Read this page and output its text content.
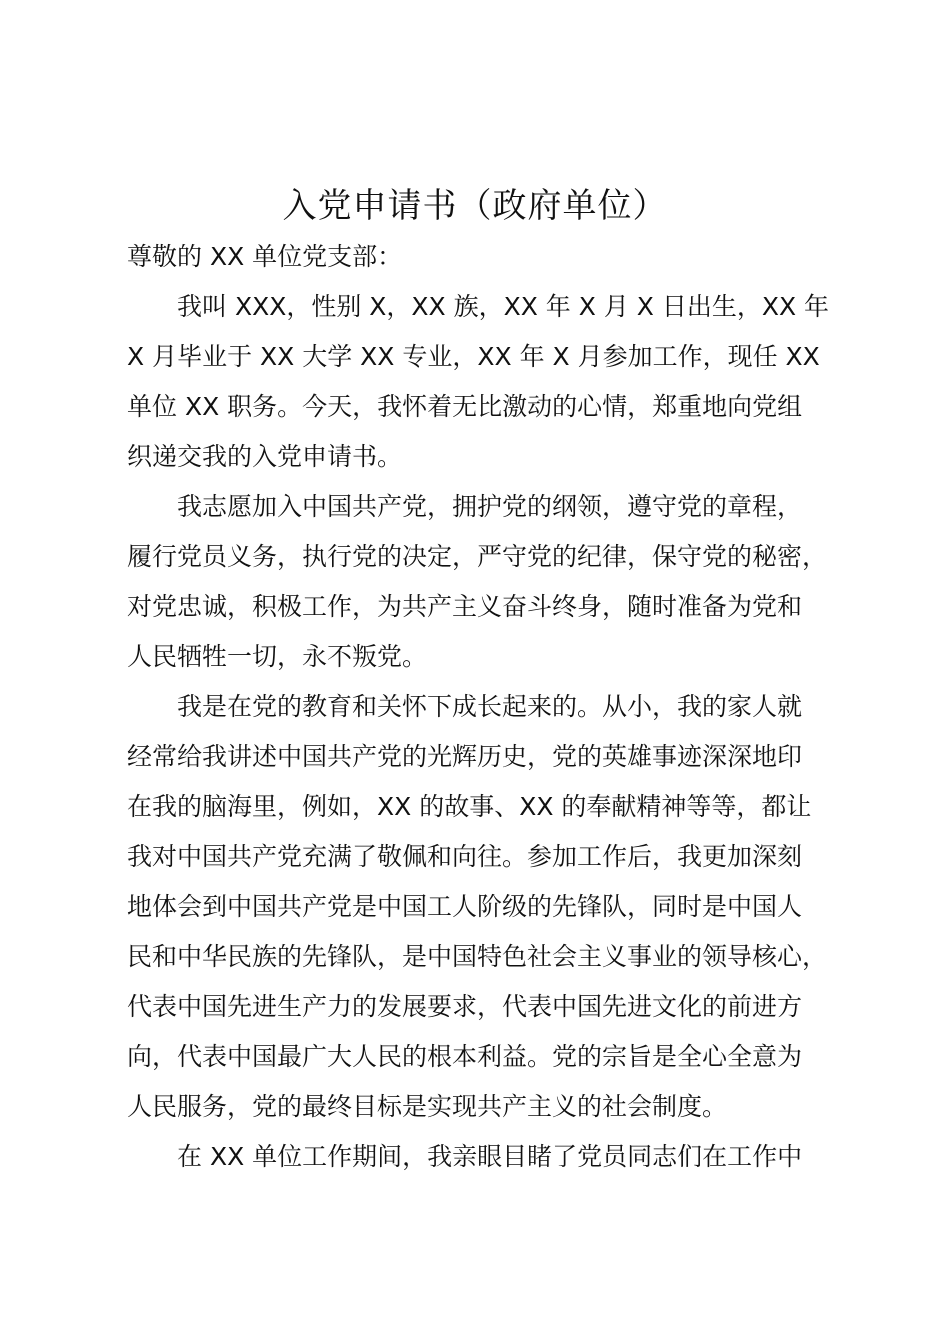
入党申请书（政府单位）
尊敬的 XX 单位党支部：
　　我叫 XXX，性别 X，XX 族，XX 年 X 月 X 日出生，XX 年
X 月毕业于 XX 大学 XX 专业，XX 年 X 月参加工作，现任 XX
单位 XX 职务。今天，我怀着无比激动的心情，郑重地向党组
织递交我的入党申请书。
　　我志愿加入中国共产党，拥护党的纲领，遵守党的章程，
履行党员义务，执行党的决定，严守党的纪律，保守党的秘密，
对党忠诚，积极工作，为共产主义奋斗终身，随时准备为党和
人民牺牲一切，永不叛党。
　　我是在党的教育和关怀下成长起来的。从小，我的家人就
经常给我讲述中国共产党的光辉历史，党的英雄事迹深深地印
在我的脑海里，例如，XX 的故事、XX 的奉献精神等等，都让
我对中国共产党充满了敬佩和向往。参加工作后，我更加深刻
地体会到中国共产党是中国工人阶级的先锋队，同时是中国人
民和中华民族的先锋队，是中国特色社会主义事业的领导核心，
代表中国先进生产力的发展要求，代表中国先进文化的前进方
向，代表中国最广大人民的根本利益。党的宗旨是全心全意为
人民服务，党的最终目标是实现共产主义的社会制度。
　　在 XX 单位工作期间，我亲眼目睹了党员同志们在工作中
